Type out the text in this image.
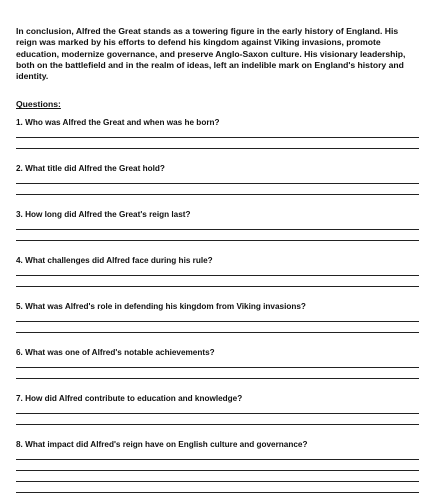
In conclusion, Alfred the Great stands as a towering figure in the early history of England. His reign was marked by his efforts to defend his kingdom against Viking invasions, promote education, modernize governance, and preserve Anglo-Saxon culture. His visionary leadership, both on the battlefield and in the realm of ideas, left an indelible mark on England's history and identity.

Questions:
1. Who was Alfred the Great and when was he born?
2. What title did Alfred the Great hold?
3. How long did Alfred the Great's reign last?
4. What challenges did Alfred face during his rule?
5. What was Alfred's role in defending his kingdom from Viking invasions?
6. What was one of Alfred's notable achievements?
7. How did Alfred contribute to education and knowledge?
8. What impact did Alfred's reign have on English culture and governance?
